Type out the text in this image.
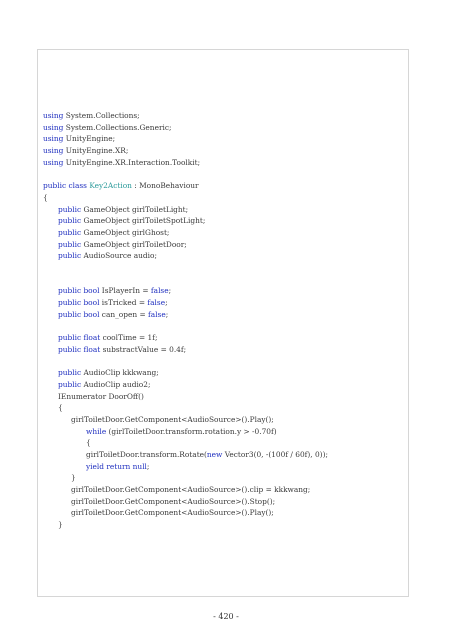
using System.Collections;
using System.Collections.Generic;
using UnityEngine;
using UnityEngine.XR;
using UnityEngine.XR.Interaction.Toolkit;
public class Key2Action : MonoBehaviour
{
public GameObject girlToiletLight;
public GameObject girlToiletSpotLight;
public GameObject girlGhost;
public GameObject girlToiletDoor;
public AudioSource audio;
public bool IsPlayerIn = false;
public bool isTricked = false;
public bool can_open = false;
public float coolTime = 1f;
public float substractValue = 0.4f;
public AudioClip kkkwang;
public AudioClip audio2;
IEnumerator DoorOff()
{
girlToiletDoor.GetComponent<AudioSource>().Play();
while (girlToiletDoor.transform.rotation.y > -0.70f)
{
girlToiletDoor.transform.Rotate(new Vector3(0, -(100f / 60f), 0));
yield return null;
}
girlToiletDoor.GetComponent<AudioSource>().clip = kkkwang;
girlToiletDoor.GetComponent<AudioSource>().Stop();
girlToiletDoor.GetComponent<AudioSource>().Play();
}
- 420 -
